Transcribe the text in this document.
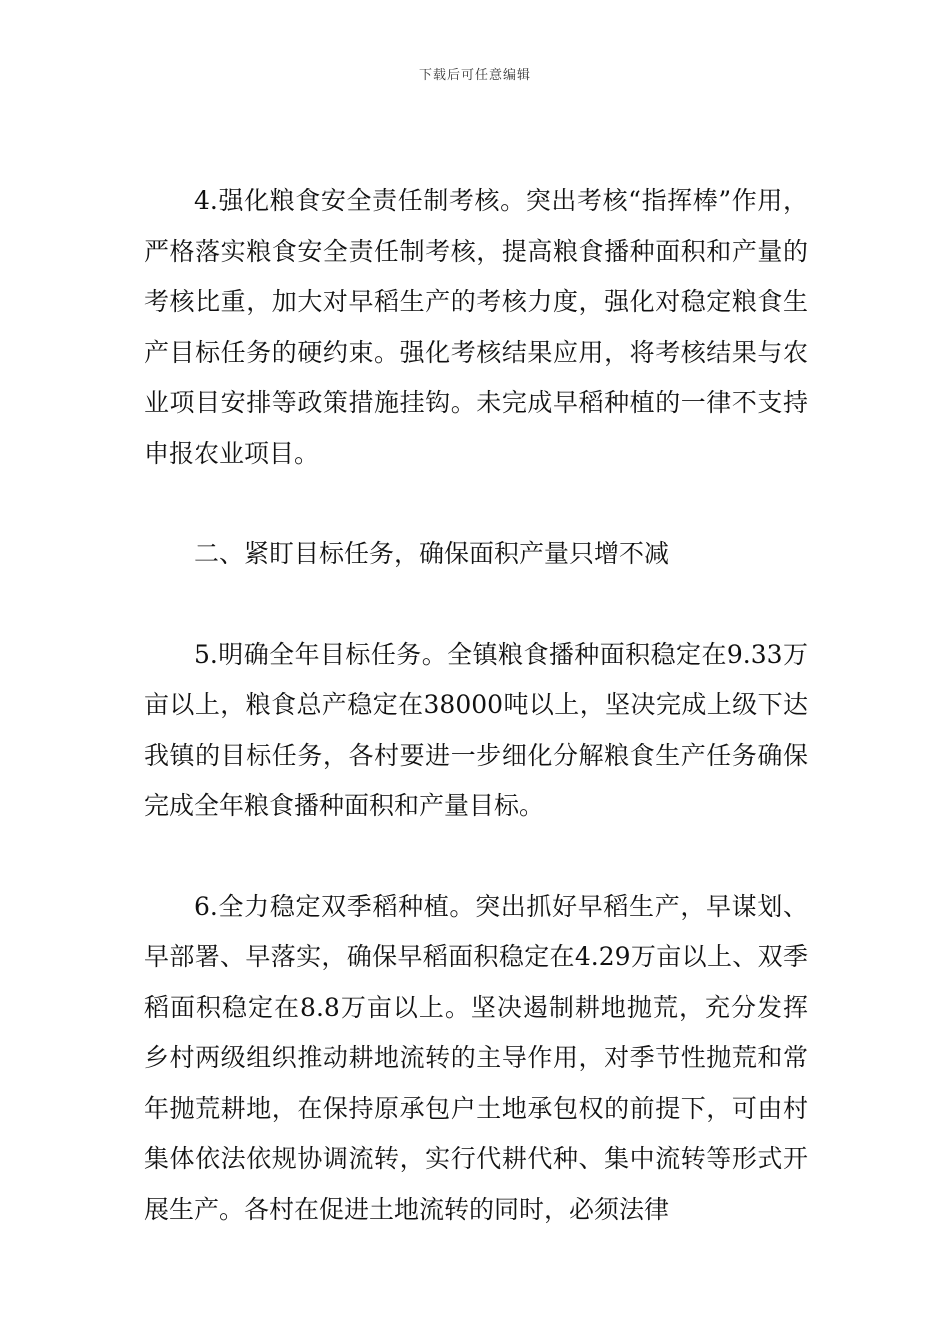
下载后可任意编辑

4.强化粮食安全责任制考核。突出考核“指挥棒”作用，严格落实粮食安全责任制考核，提高粮食播种面积和产量的考核比重，加大对早稻生产的考核力度，强化对稳定粮食生产目标任务的硬约束。强化考核结果应用，将考核结果与农业项目安排等政策措施挂钩。未完成早稻种植的一律不支持申报农业项目。

二、紧盯目标任务，确保面积产量只增不减

5.明确全年目标任务。全镇粮食播种面积稳定在9.33万亩以上，粮食总产稳定在38000吨以上，坚决完成上级下达我镇的目标任务，各村要进一步细化分解粮食生产任务确保完成全年粮食播种面积和产量目标。

6.全力稳定双季稻种植。突出抓好早稻生产，早谋划、早部署、早落实，确保早稻面积稳定在4.29万亩以上、双季稻面积稳定在8.8万亩以上。坚决遏制耕地抛荒，充分发挥乡村两级组织推动耕地流转的主导作用，对季节性抛荒和常年抛荒耕地，在保持原承包户土地承包权的前提下，可由村集体依法依规协调流转，实行代耕代种、集中流转等形式开展生产。各村在促进土地流转的同时，必须法律
